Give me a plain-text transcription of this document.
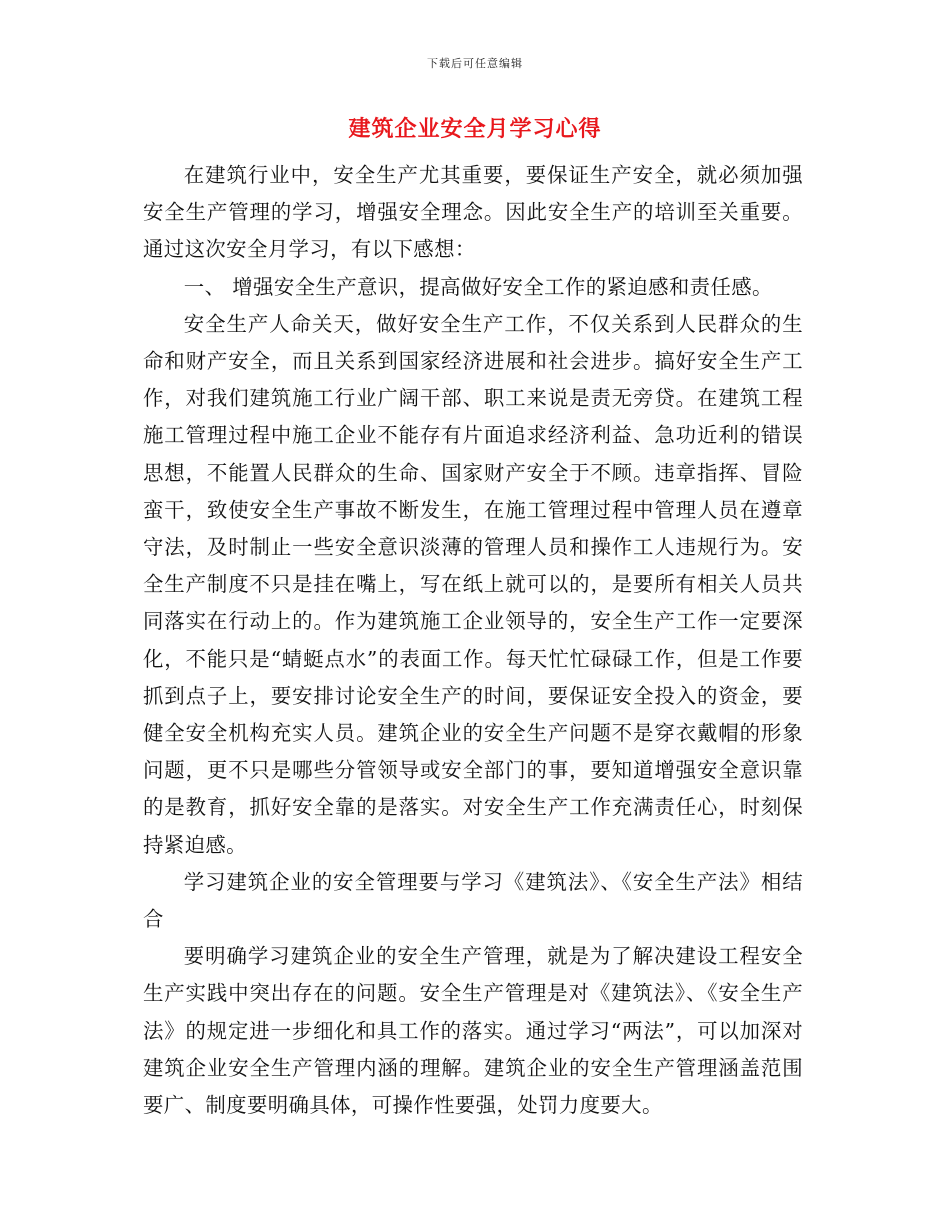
下载后可任意编辑
建筑企业安全月学习心得

在建筑行业中，安全生产尤其重要，要保证生产安全，就必须加强安全生产管理的学习，增强安全理念。因此安全生产的培训至关重要。通过这次安全月学习，有以下感想：

一、 增强安全生产意识，提高做好安全工作的紧迫感和责任感。

安全生产人命关天，做好安全生产工作，不仅关系到人民群众的生命和财产安全，而且关系到国家经济进展和社会进步。搞好安全生产工作，对我们建筑施工行业广阔干部、职工来说是责无旁贷。在建筑工程施工管理过程中施工企业不能存有片面追求经济利益、急功近利的错误思想，不能置人民群众的生命、国家财产安全于不顾。违章指挥、冒险蛮干，致使安全生产事故不断发生，在施工管理过程中管理人员在遵章守法，及时制止一些安全意识淡薄的管理人员和操作工人违规行为。安全生产制度不只是挂在嘴上，写在纸上就可以的，是要所有相关人员共同落实在行动上的。作为建筑施工企业领导的，安全生产工作一定要深化，不能只是“蜻蜓点水”的表面工作。每天忙忙碌碌工作，但是工作要抓到点子上，要安排讨论安全生产的时间，要保证安全投入的资金，要健全安全机构充实人员。建筑企业的安全生产问题不是穿衣戴帽的形象问题，更不只是哪些分管领导或安全部门的事，要知道增强安全意识靠的是教育，抓好安全靠的是落实。对安全生产工作充满责任心，时刻保持紧迫感。

学习建筑企业的安全管理要与学习《建筑法》、《安全生产法》相结合

要明确学习建筑企业的安全生产管理，就是为了解决建设工程安全生产实践中突出存在的问题。安全生产管理是对《建筑法》、《安全生产法》的规定进一步细化和具工作的落实。通过学习“两法”，可以加深对建筑企业安全生产管理内涵的理解。建筑企业的安全生产管理涵盖范围要广、制度要明确具体，可操作性要强，处罚力度要大。
